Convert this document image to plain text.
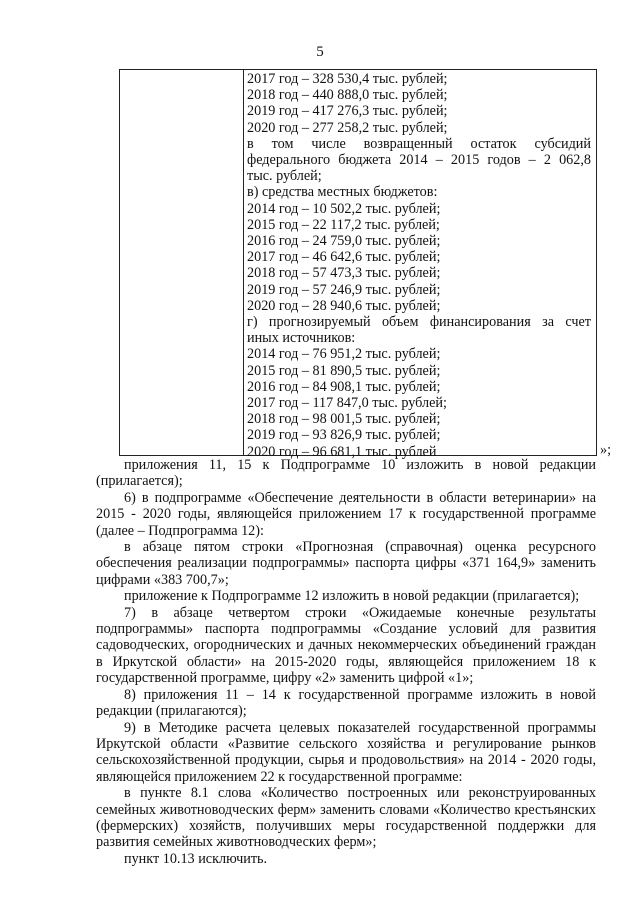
5
2017 год – 328 530,4 тыс. рублей;
2018 год – 440 888,0 тыс. рублей;
2019 год – 417 276,3 тыс. рублей;
2020 год – 277 258,2 тыс. рублей;
в том числе возвращенный остаток субсидий
федерального бюджета 2014 – 2015 годов – 2 062,8
тыс. рублей;
в) средства местных бюджетов:
2014 год – 10 502,2 тыс. рублей;
2015 год – 22 117,2 тыс. рублей;
2016 год – 24 759,0 тыс. рублей;
2017 год – 46 642,6 тыс. рублей;
2018 год – 57 473,3 тыс. рублей;
2019 год – 57 246,9 тыс. рублей;
2020 год – 28 940,6 тыс. рублей;
г) прогнозируемый объем финансирования за счет
иных источников:
2014 год – 76 951,2 тыс. рублей;
2015 год – 81 890,5 тыс. рублей;
2016 год – 84 908,1 тыс. рублей;
2017 год – 117 847,0 тыс. рублей;
2018 год – 98 001,5 тыс. рублей;
2019 год – 93 826,9 тыс. рублей;
2020 год – 96 681,1 тыс. рублей	»;

приложения 11, 15 к Подпрограмме 10 изложить в новой редакции (прилагается);

6) в подпрограмме «Обеспечение деятельности в области ветеринарии» на 2015 - 2020 годы, являющейся приложением 17 к государственной программе (далее – Подпрограмма 12):

в абзаце пятом строки «Прогнозная (справочная) оценка ресурсного обеспечения реализации подпрограммы» паспорта цифры «371 164,9» заменить цифрами «383 700,7»;

приложение к Подпрограмме 12 изложить в новой редакции (прилагается);

7) в абзаце четвертом строки «Ожидаемые конечные результаты подпрограммы» паспорта подпрограммы «Создание условий для развития садоводческих, огороднических и дачных некоммерческих объединений граждан в Иркутской области» на 2015-2020 годы, являющейся приложением 18 к государственной программе, цифру «2» заменить цифрой «1»;

8) приложения 11 – 14 к государственной программе изложить в новой редакции (прилагаются);

9) в Методике расчета целевых показателей государственной программы Иркутской области «Развитие сельского хозяйства и регулирование рынков сельскохозяйственной продукции, сырья и продовольствия» на 2014 - 2020 годы, являющейся приложением 22 к государственной программе:

в пункте 8.1 слова «Количество построенных или реконструированных семейных животноводческих ферм» заменить словами «Количество крестьянских (фермерских) хозяйств, получивших меры государственной поддержки для развития семейных животноводческих ферм»;

пункт 10.13 исключить.
